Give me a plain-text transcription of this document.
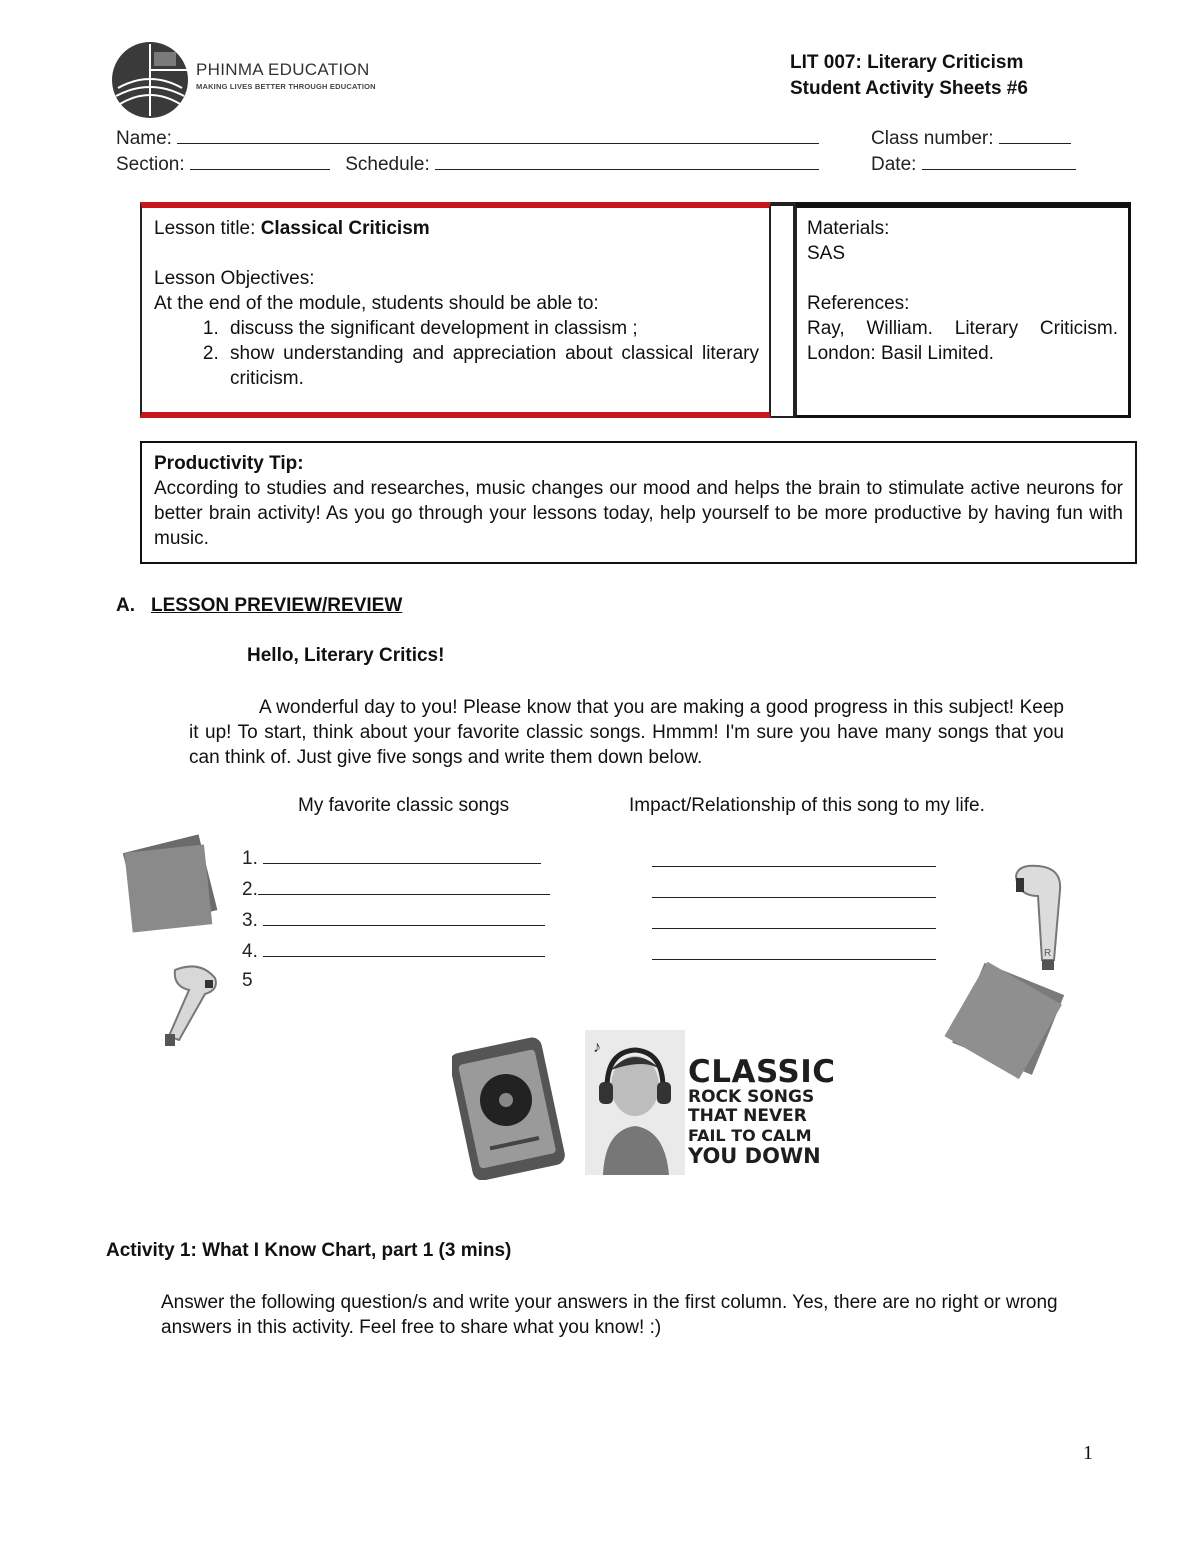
PHINMA EDUCATION
MAKING LIVES BETTER THROUGH EDUCATION
LIT 007: Literary Criticism
Student Activity Sheets #6
Name:	Class number:
Section:	Schedule:	Date:
Lesson title: Classical Criticism
Lesson Objectives:
At the end of the module, students should be able to:
1. discuss the significant development in classism ;
2. show understanding and appreciation about classical literary criticism.
Materials:
SAS
References:
Ray, William. Literary Criticism. London: Basil Limited.
Productivity Tip:
According to studies and researches, music changes our mood and helps the brain to stimulate active neurons for better brain activity! As you go through your lessons today, help yourself to be more productive by having fun with music.
A. LESSON PREVIEW/REVIEW
Hello, Literary Critics!
A wonderful day to you! Please know that you are making a good progress in this subject! Keep it up! To start, think about your favorite classic songs. Hmmm! I'm sure you have many songs that you can think of. Just give five songs and write them down below.
My favorite classic songs	Impact/Relationship of this song to my life.
1.
2.
3.
4.
5
R
♪
CLASSIC
ROCK SONGS
THAT NEVER
FAIL TO CALM
YOU DOWN
Activity 1: What I Know Chart, part 1 (3 mins)
Answer the following question/s and write your answers in the first column. Yes, there are no right or wrong answers in this activity. Feel free to share what you know! :)
1
